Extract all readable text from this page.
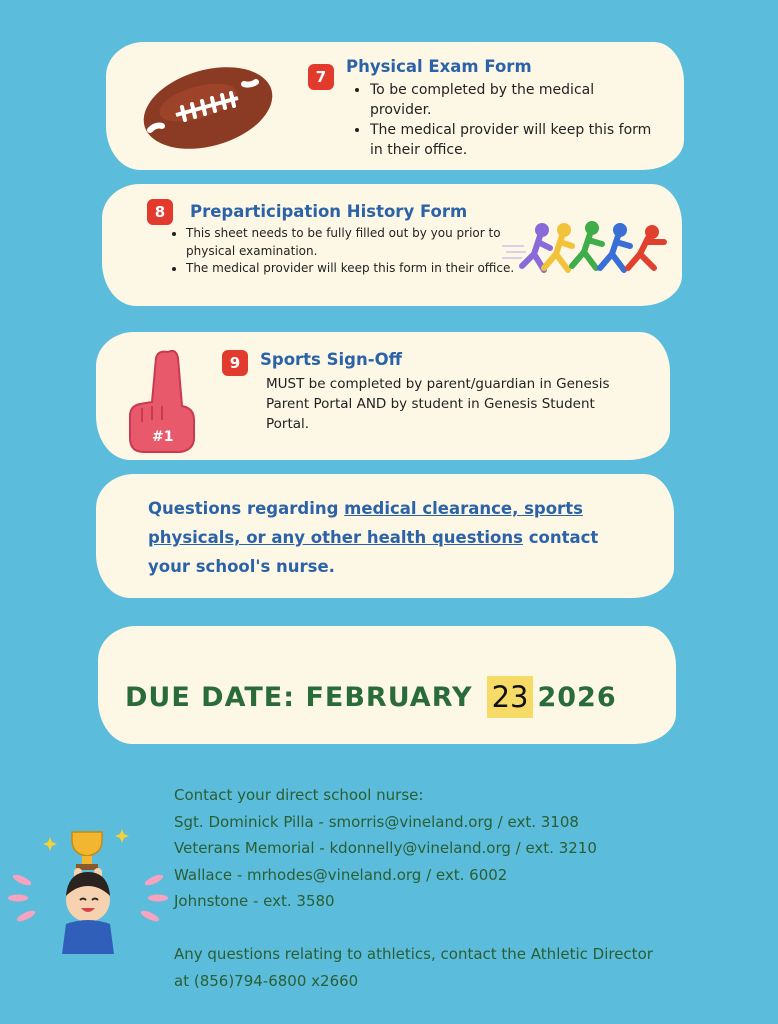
7
Physical Exam Form
• To be completed by the medical provider.
• The medical provider will keep this form in their office.
8	Preparticipation History Form
• This sheet needs to be fully filled out by you prior to physical examination.
• The medical provider will keep this form in their office.
#1
9	Sports Sign-Off
MUST be completed by parent/guardian in Genesis Parent Portal AND by student in Genesis Student Portal.
Questions regarding medical clearance, sports physicals, or any other health questions contact your school's nurse.
DUE DATE: FEBRUARY 23 2026
Contact your direct school nurse:
Sgt. Dominick Pilla - smorris@vineland.org / ext. 3108
Veterans Memorial - kdonnelly@vineland.org / ext. 3210
Wallace - mrhodes@vineland.org / ext. 6002
Johnstone - ext. 3580
Any questions relating to athletics, contact the Athletic Director
at (856)794-6800 x2660
